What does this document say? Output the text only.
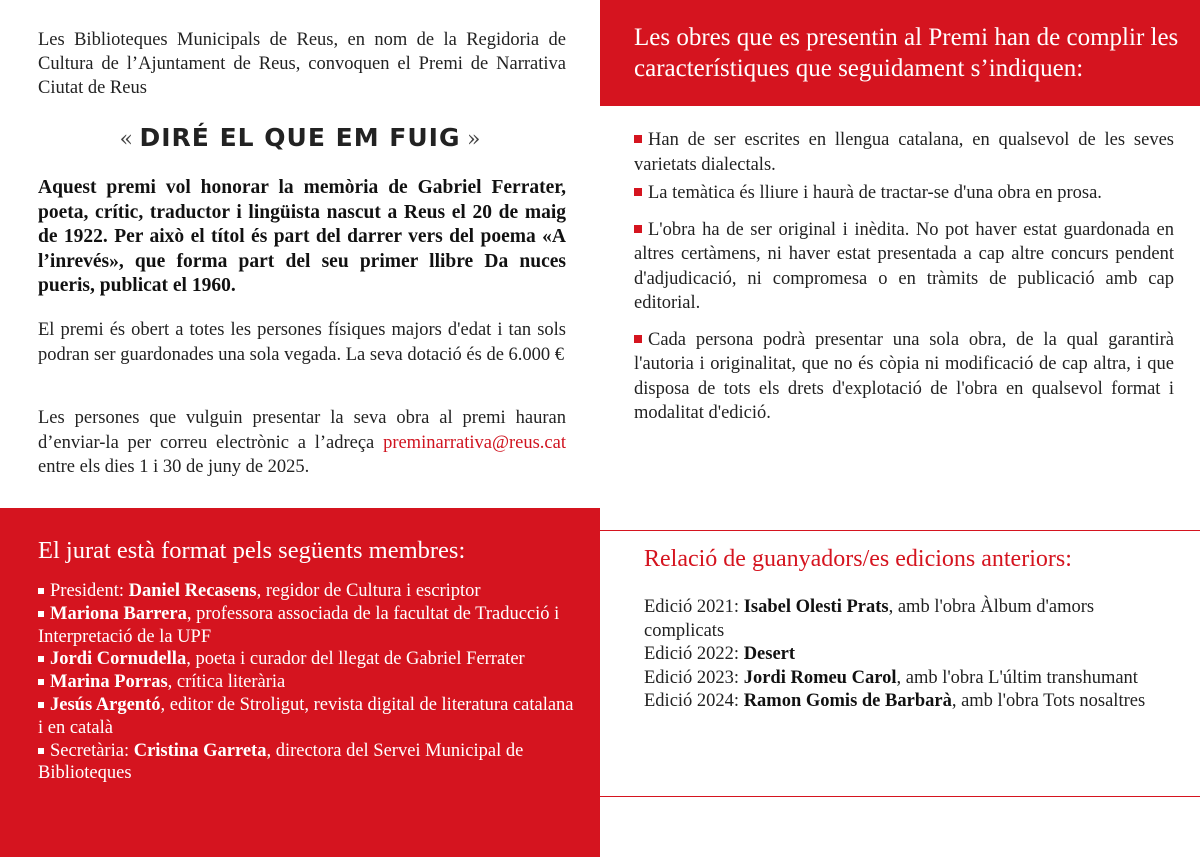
Les Biblioteques Municipals de Reus, en nom de la Regidoria de Cultura de l’Ajuntament de Reus, convoquen el Premi de Narrativa Ciutat de Reus
« DIRÉ EL QUE EM FUIG »
Aquest premi vol honorar la memòria de Gabriel Ferrater, poeta, crític, traductor i lingüista nascut a Reus el 20 de maig de 1922. Per això el títol és part del darrer vers del poema «A l’inrevés», que forma part del seu primer llibre Da nuces pueris, publicat el 1960.
El premi és obert a totes les persones físiques majors d'edat i tan sols podran ser guardonades una sola vegada. La seva dotació és de 6.000 €
Les persones que vulguin presentar la seva obra al premi hauran d’enviar-la per correu electrònic a l’adreça preminarrativa@reus.cat entre els dies 1 i 30 de juny de 2025.
El jurat està format pels següents membres:
President: Daniel Recasens, regidor de Cultura i escriptor
Mariona Barrera, professora associada de la facultat de Traducció i Interpretació de la UPF
Jordi Cornudella, poeta i curador del llegat de Gabriel Ferrater
Marina Porras, crítica literària
Jesús Argentó, editor de Stroligut, revista digital de literatura catalana i en català
Secretària: Cristina Garreta, directora del Servei Municipal de Biblioteques
Les obres que es presentin al Premi han de complir les característiques que seguidament s’indiquen:

Han de ser escrites en llengua catalana, en qualsevol de les seves varietats dialectals.

La temàtica és lliure i haurà de tractar-se d'una obra en prosa.

L'obra ha de ser original i inèdita. No pot haver estat guardonada en altres certàmens, ni haver estat presentada a cap altre concurs pendent d'adjudicació, ni compromesa o en tràmits de publicació amb cap editorial.

Cada persona podrà presentar una sola obra, de la qual garantirà l'autoria i originalitat, que no és còpia ni modificació de cap altra, i que disposa de tots els drets d'explotació de l'obra en qualsevol format i modalitat d'edició.

Relació de guanyadors/es edicions anteriors:
Edició 2021: Isabel Olesti Prats, amb l'obra Àlbum d'amors complicats
Edició 2022: Desert
Edició 2023: Jordi Romeu Carol, amb l'obra L'últim transhumant
Edició 2024: Ramon Gomis de Barbarà, amb l'obra Tots nosaltres
